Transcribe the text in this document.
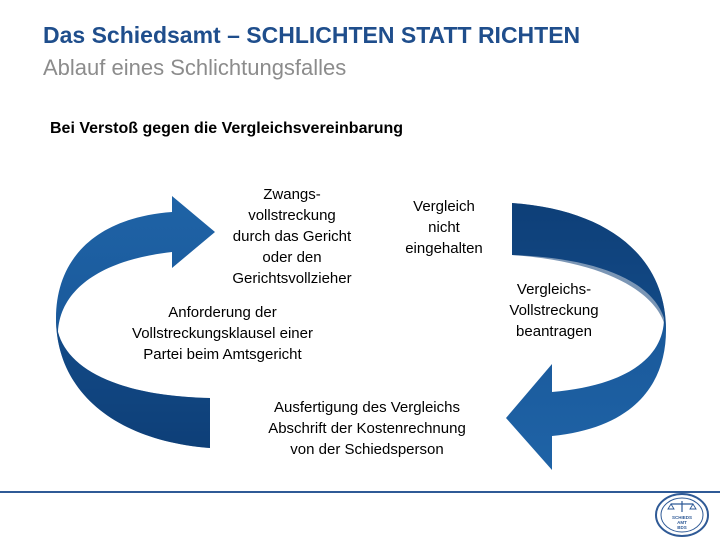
Das Schiedsamt – SCHLICHTEN STATT RICHTEN
Ablauf eines Schlichtungsfalles
Bei Verstoß gegen die Vergleichsvereinbarung
Zwangs-
vollstreckung
durch das Gericht
oder den
Gerichtsvollzieher
Vergleich
nicht
eingehalten
Vergleichs-
Vollstreckung
beantragen
Ausfertigung des Vergleichs
Abschrift der Kostenrechnung
von der Schiedsperson
Anforderung der
Vollstreckungsklausel einer
Partei beim Amtsgericht
SCHIEDS
AMT
BDS
